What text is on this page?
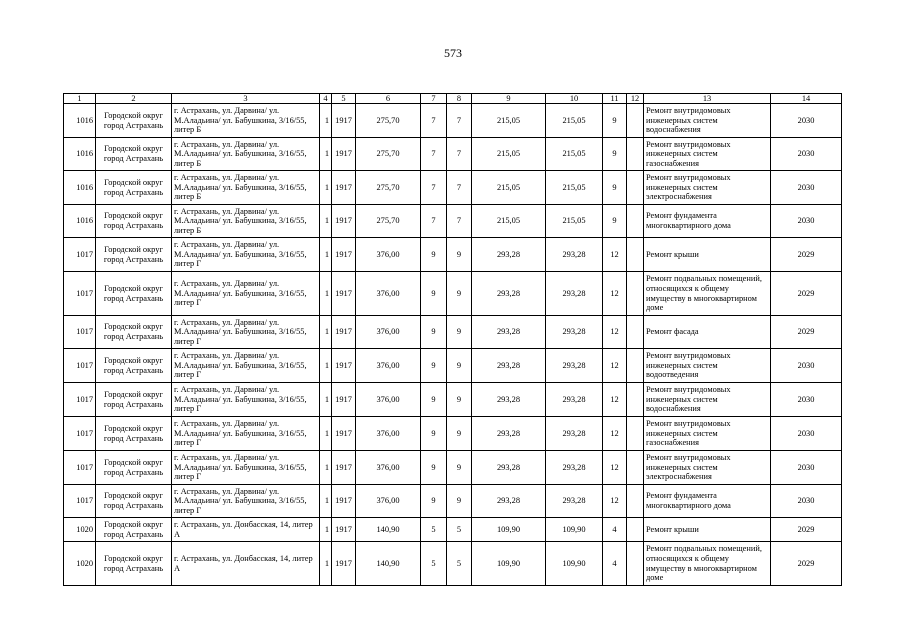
573
1	2	3	4	5	6	7	8	9	10	11	12	13	14
1016	Городской округ город Астрахань	г. Астрахань, ул. Дарвина/ ул. М.Аладьина/ ул. Бабушкина, 3/16/55, литер Б	1	1917	275,70	7	7	215,05	215,05	9		Ремонт внутридомовых инженерных систем водоснабжения	2030
1016	Городской округ город Астрахань	г. Астрахань, ул. Дарвина/ ул. М.Аладьина/ ул. Бабушкина, 3/16/55, литер Б	1	1917	275,70	7	7	215,05	215,05	9		Ремонт внутридомовых инженерных систем газоснабжения	2030
1016	Городской округ город Астрахань	г. Астрахань, ул. Дарвина/ ул. М.Аладьина/ ул. Бабушкина, 3/16/55, литер Б	1	1917	275,70	7	7	215,05	215,05	9		Ремонт внутридомовых инженерных систем электроснабжения	2030
1016	Городской округ город Астрахань	г. Астрахань, ул. Дарвина/ ул. М.Аладьина/ ул. Бабушкина, 3/16/55, литер Б	1	1917	275,70	7	7	215,05	215,05	9		Ремонт фундамента многоквартирного дома	2030
1017	Городской округ город Астрахань	г. Астрахань, ул. Дарвина/ ул. М.Аладьина/ ул. Бабушкина, 3/16/55, литер Г	1	1917	376,00	9	9	293,28	293,28	12		Ремонт крыши	2029
1017	Городской округ город Астрахань	г. Астрахань, ул. Дарвина/ ул. М.Аладьина/ ул. Бабушкина, 3/16/55, литер Г	1	1917	376,00	9	9	293,28	293,28	12		Ремонт подвальных помещений, относящихся к общему имуществу в многоквартирном доме	2029
1017	Городской округ город Астрахань	г. Астрахань, ул. Дарвина/ ул. М.Аладьина/ ул. Бабушкина, 3/16/55, литер Г	1	1917	376,00	9	9	293,28	293,28	12		Ремонт фасада	2029
1017	Городской округ город Астрахань	г. Астрахань, ул. Дарвина/ ул. М.Аладьина/ ул. Бабушкина, 3/16/55, литер Г	1	1917	376,00	9	9	293,28	293,28	12		Ремонт внутридомовых инженерных систем водоотведения	2030
1017	Городской округ город Астрахань	г. Астрахань, ул. Дарвина/ ул. М.Аладьина/ ул. Бабушкина, 3/16/55, литер Г	1	1917	376,00	9	9	293,28	293,28	12		Ремонт внутридомовых инженерных систем водоснабжения	2030
1017	Городской округ город Астрахань	г. Астрахань, ул. Дарвина/ ул. М.Аладьина/ ул. Бабушкина, 3/16/55, литер Г	1	1917	376,00	9	9	293,28	293,28	12		Ремонт внутридомовых инженерных систем газоснабжения	2030
1017	Городской округ город Астрахань	г. Астрахань, ул. Дарвина/ ул. М.Аладьина/ ул. Бабушкина, 3/16/55, литер Г	1	1917	376,00	9	9	293,28	293,28	12		Ремонт внутридомовых инженерных систем электроснабжения	2030
1017	Городской округ город Астрахань	г. Астрахань, ул. Дарвина/ ул. М.Аладьина/ ул. Бабушкина, 3/16/55, литер Г	1	1917	376,00	9	9	293,28	293,28	12		Ремонт фундамента многоквартирного дома	2030
1020	Городской округ город Астрахань	г. Астрахань, ул. Донбасская, 14, литер А	1	1917	140,90	5	5	109,90	109,90	4		Ремонт крыши	2029
1020	Городской округ город Астрахань	г. Астрахань, ул. Донбасская, 14, литер А	1	1917	140,90	5	5	109,90	109,90	4		Ремонт подвальных помещений, относящихся к общему имуществу в многоквартирном доме	2029
